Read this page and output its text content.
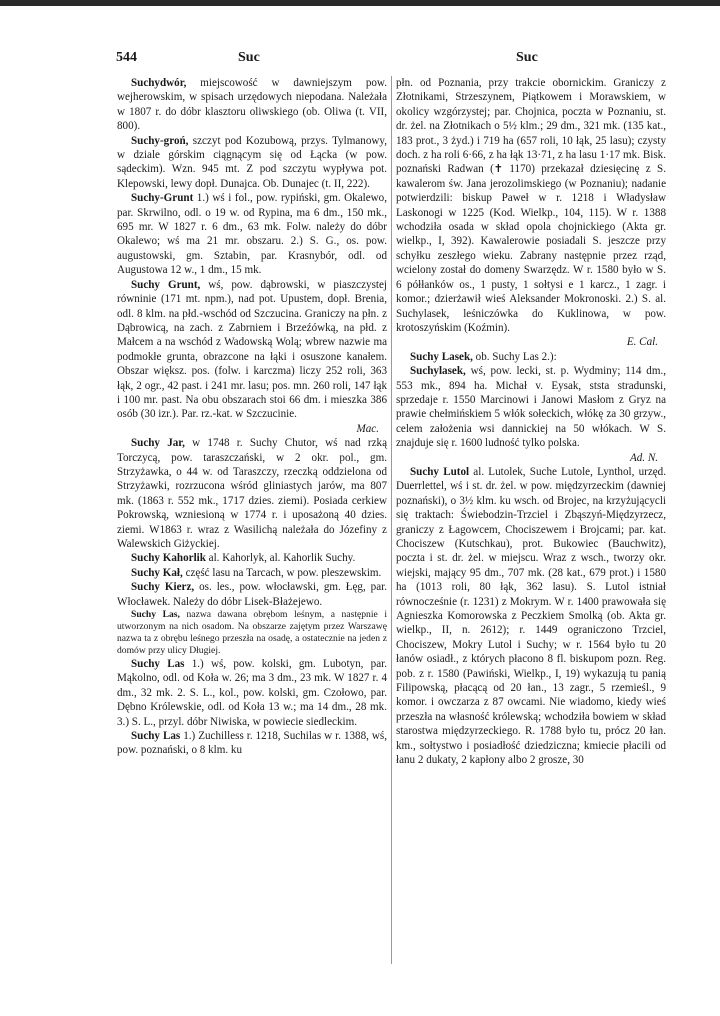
544	Suc	Suc

Suchydwór, miejscowość w dawniejszym pow. wejherowskim, w spisach urzędowych niepodana. Należała w 1807 r. do dóbr klasztoru oliwskiego (ob. Oliwa (t. VII, 800).

Suchy-groń, szczyt pod Kozubową, przys. Tylmanowy, w dziale górskim ciągnącym się od Łącka (w pow. sądeckim). Wzn. 945 mt. Z pod szczytu wypływa pot. Klepowski, lewy dopł. Dunajca. Ob. Dunajec (t. II, 222).

Suchy-Grunt 1.) wś i fol., pow. rypiński, gm. Okalewo, par. Skrwilno, odl. o 19 w. od Rypina, ma 6 dm., 150 mk., 695 mr. W 1827 r. 6 dm., 63 mk. Folw. należy do dóbr Okalewo; wś ma 21 mr. obszaru. 2.) S. G., os. pow. augustowski, gm. Sztabin, par. Krasnybór, odl. od Augustowa 12 w., 1 dm., 15 mk.

Suchy Grunt, wś, pow. dąbrowski, w piaszczystej równinie (171 mt. npm.), nad pot. Upustem, dopł. Brenia, odl. 8 klm. na płd.-wschód od Szczucina. Graniczy na płn. z Dąbrowicą, na zach. z Zabrniem i Brzeźówką, na płd. z Małcem a na wschód z Wadowską Wolą; wbrew nazwie ma podmokłe grunta, obrazcone na łąki i osuszone kanałem. Obszar większ. pos. (folw. i karczma) liczy 252 roli, 363 łąk, 2 ogr., 42 past. i 241 mr. lasu; pos. mn. 260 roli, 147 łąk i 100 mr. past. Na obu obszarach stoi 66 dm. i mieszka 386 osób (30 izr.). Par. rz.-kat. w Szczucinie.

Mac.

Suchy Jar, w 1748 r. Suchy Chutor, wś nad rzką Torczycą, pow. taraszczański, w 2 okr. pol., gm. Strzyżawka, o 44 w. od Taraszczy, rzeczką oddzielona od Strzyżawki, rozrzucona wśród gliniastych jarów, ma 807 mk. (1863 r. 552 mk., 1717 dzies. ziemi). Posiada cerkiew Pokrowską, wzniesioną w 1774 r. i uposażoną 40 dzies. ziemi. W1863 r. wraz z Wasilichą należała do Józefiny z Walewskich Giżyckiej.

Suchy Kahorlik al. Kahorlyk, al. Kahorlik Suchy.

Suchy Kał, część lasu na Tarcach, w pow. pleszewskim.

Suchy Kierz, os. les., pow. włocławski, gm. Łęg, par. Włocławek. Należy do dóbr Lisek-Błażejewo.

Suchy Las, nazwa dawana obrębom leśnym, a następnie i utworzonym na nich osadom. Na obszarze zajętym przez Warszawę nazwa ta z obrębu leśnego przeszła na osadę, a ostatecznie na jeden z domów przy ulicy Długiej.

Suchy Las 1.) wś, pow. kolski, gm. Lubotyn, par. Mąkolno, odl. od Koła w. 26; ma 3 dm., 23 mk. W 1827 r. 4 dm., 32 mk. 2. S. L., kol., pow. kolski, gm. Czołowo, par. Dębno Królewskie, odl. od Koła 13 w.; ma 14 dm., 28 mk. 3.) S. L., przyl. dóbr Niwiska, w powiecie siedleckim.

Suchy Las 1.) Zuchilless r. 1218, Suchilas w r. 1388, wś, pow. poznański, o 8 klm. ku

płn. od Poznania, przy trakcie obornickim. Graniczy z Złotnikami, Strzeszynem, Piątkowem i Morawskiem, w okolicy wzgórzystej; par. Chojnica, poczta w Poznaniu, st. dr. żel. na Złotnikach o 5½ klm.; 29 dm., 321 mk. (135 kat., 183 prot., 3 żyd.) i 719 ha (657 roli, 10 łąk, 25 lasu); czysty doch. z ha roli 6·66, z ha łąk 13·71, z ha lasu 1·17 mk. Bisk. poznański Radwan (✝ 1170) przekazał dziesięcinę z S. kawalerom św. Jana jerozolimskiego (w Poznaniu); nadanie potwierdzili: biskup Paweł w r. 1218 i Władysław Laskonogi w 1225 (Kod. Wielkp., 104, 115). W r. 1388 wchodziła osada w skład opola chojnickiego (Akta gr. wielkp., I, 392). Kawalerowie posiadali S. jeszcze przy schyłku zeszłego wieku. Zabrany następnie przez rząd, wcielony został do domeny Swarzędz. W r. 1580 było w S. 6 półłanków os., 1 pusty, 1 sołtysi e 1 karcz., 1 zagr. i komor.; dzierżawił wieś Aleksander Mokronoski. 2.) S. al. Suchylasek, leśniczówka do Kuklinowa, w pow. krotoszyńskim (Koźmin).

E. Cal.

Suchy Lasek, ob. Suchy Las 2.):

Suchylasek, wś, pow. lecki, st. p. Wydminy; 114 dm., 553 mk., 894 ha. Michał v. Eysak, ststa stradunski, sprzedaje r. 1550 Marcinowi i Janowi Masłom z Gryz na prawie chełmińskiem 5 włók sołeckich, włókę za 30 grzyw., celem założenia wsi dannickiej na 50 włókach. W S. znajduje się r. 1600 ludność tylko polska.

Ad. N.

Suchy Lutol al. Lutolek, Suche Lutole, Lynthol, urzęd. Duerrlettel, wś i st. dr. żel. w pow. międzyrzeckim (dawniej poznański), o 3½ klm. ku wsch. od Brojec, na krzyżującycli się traktach: Świebodzin-Trzciel i Zbąszyń-Międzyrzecz, graniczy z Łagowcem, Chociszewem i Brojcami; par. kat. Chociszew (Kutschkau), prot. Bukowiec (Bauchwitz), poczta i st. dr. żel. w miejscu. Wraz z wsch., tworzy okr. wiejski, mający 95 dm., 707 mk. (28 kat., 679 prot.) i 1580 ha (1013 roli, 80 łąk, 362 lasu). S. Lutol istniał równocześnie (r. 1231) z Mokrym. W r. 1400 prawowała się Agnieszka Komorowska z Peczkiem Smolką (ob. Akta gr. wielkp., II, n. 2612); r. 1449 ograniczono Trzciel, Chociszew, Mokry Lutol i Suchy; w r. 1564 było tu 20 łanów osiadł., z których płacono 8 fl. biskupom pozn. Reg. pob. z r. 1580 (Pawiński, Wielkp., I, 19) wykazują tu panią Filipowską, płacącą od 20 łan., 13 zagr., 5 rzemieśl., 9 komor. i owczarza z 87 owcami. Nie wiadomo, kiedy wieś przeszła na własność królewską; wchodziła bowiem w skład starostwa międzyrzeckiego. R. 1788 było tu, prócz 20 łan. km., sołtystwo i posiadłość dziedziczna; kmiecie płacili od łanu 2 dukaty, 2 kapłony albo 2 grosze, 30
